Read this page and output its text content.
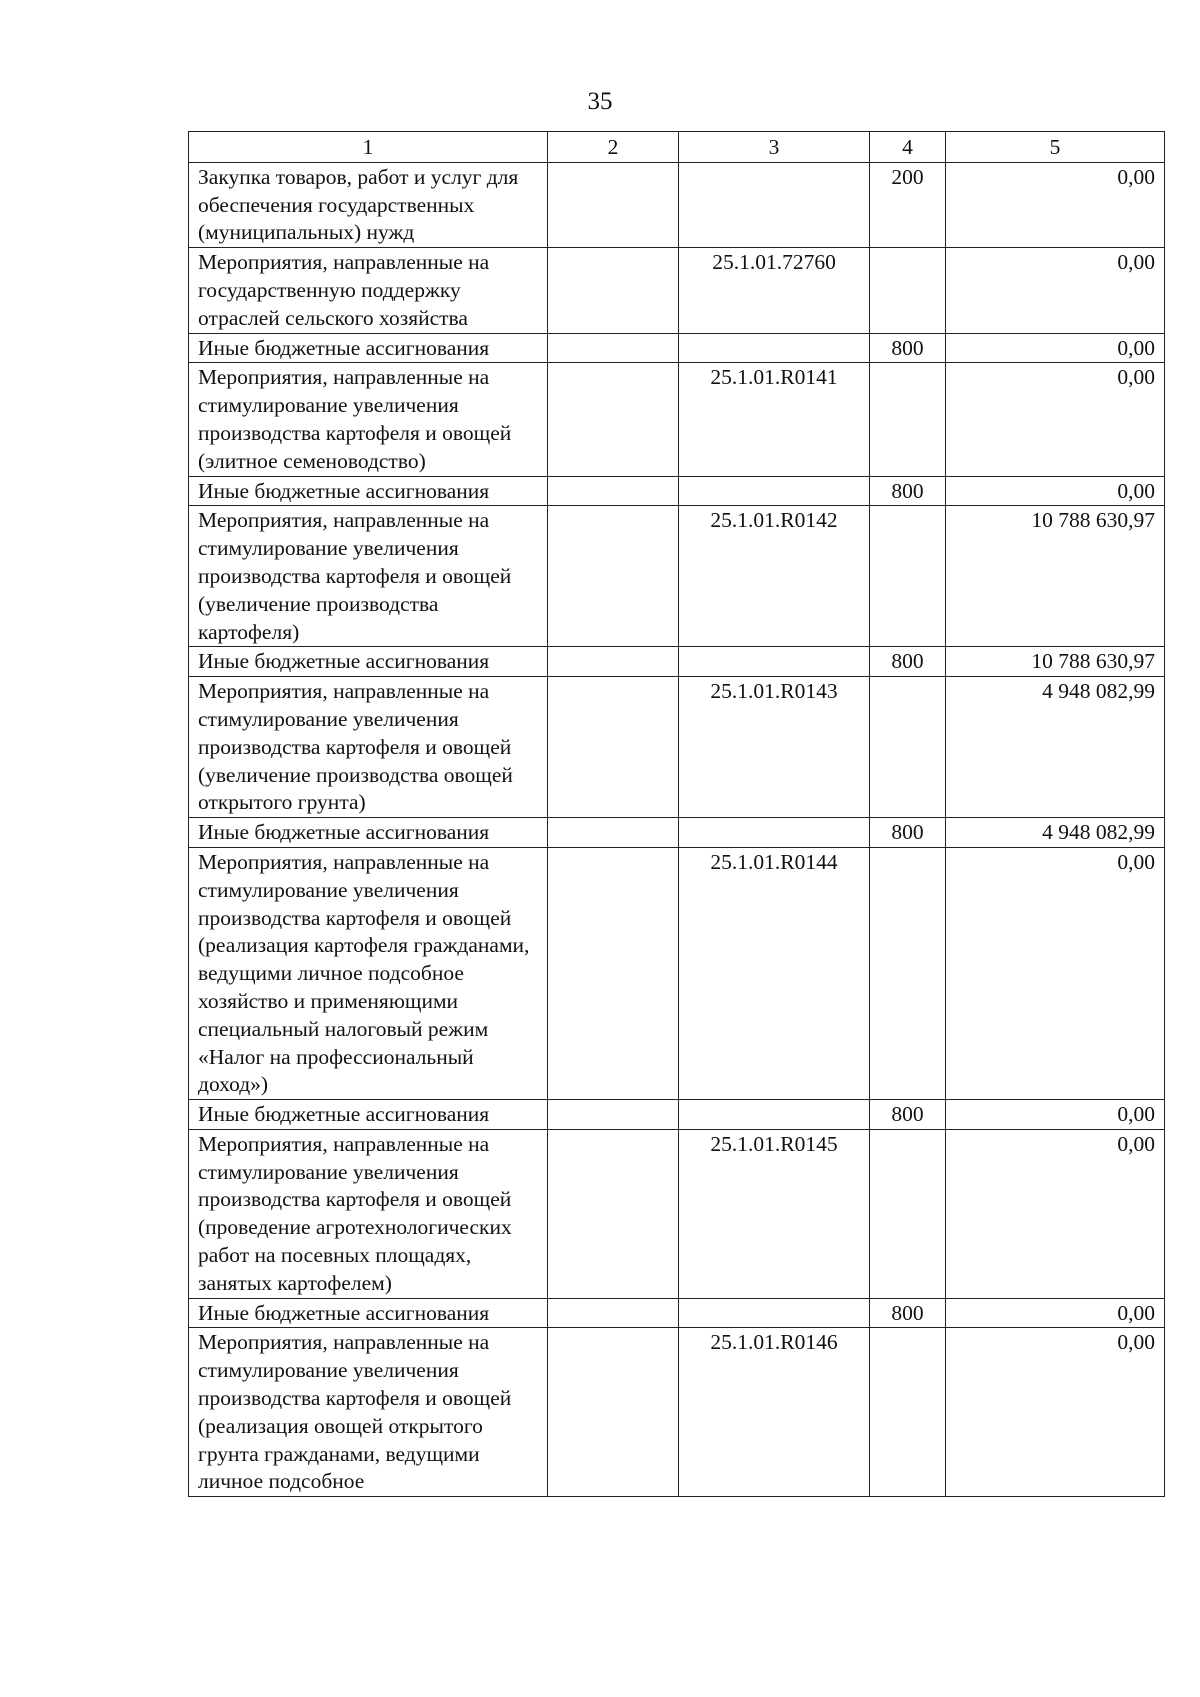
35
1	2	3	4	5
Закупка товаров, работ и услуг для обеспечения государственных (муниципальных) нужд			200	0,00
Мероприятия, направленные на государственную поддержку отраслей сельского хозяйства		25.1.01.72760		0,00
Иные бюджетные ассигнования			800	0,00
Мероприятия, направленные на стимулирование увеличения производства картофеля и овощей (элитное семеноводство)		25.1.01.R0141		0,00
Иные бюджетные ассигнования			800	0,00
Мероприятия, направленные на стимулирование увеличения производства картофеля и овощей (увеличение производства картофеля)		25.1.01.R0142		10 788 630,97
Иные бюджетные ассигнования			800	10 788 630,97
Мероприятия, направленные на стимулирование увеличения производства картофеля и овощей (увеличение производства овощей открытого грунта)		25.1.01.R0143		4 948 082,99
Иные бюджетные ассигнования			800	4 948 082,99
Мероприятия, направленные на стимулирование увеличения производства картофеля и овощей (реализация картофеля гражданами, ведущими личное подсобное хозяйство и применяющими специальный налоговый режим «Налог на профессиональный доход»)		25.1.01.R0144		0,00
Иные бюджетные ассигнования			800	0,00
Мероприятия, направленные на стимулирование увеличения производства картофеля и овощей (проведение агротехнологических работ на посевных площадях, занятых картофелем)		25.1.01.R0145		0,00
Иные бюджетные ассигнования			800	0,00
Мероприятия, направленные на стимулирование увеличения производства картофеля и овощей (реализация овощей открытого грунта гражданами, ведущими личное подсобное		25.1.01.R0146		0,00
